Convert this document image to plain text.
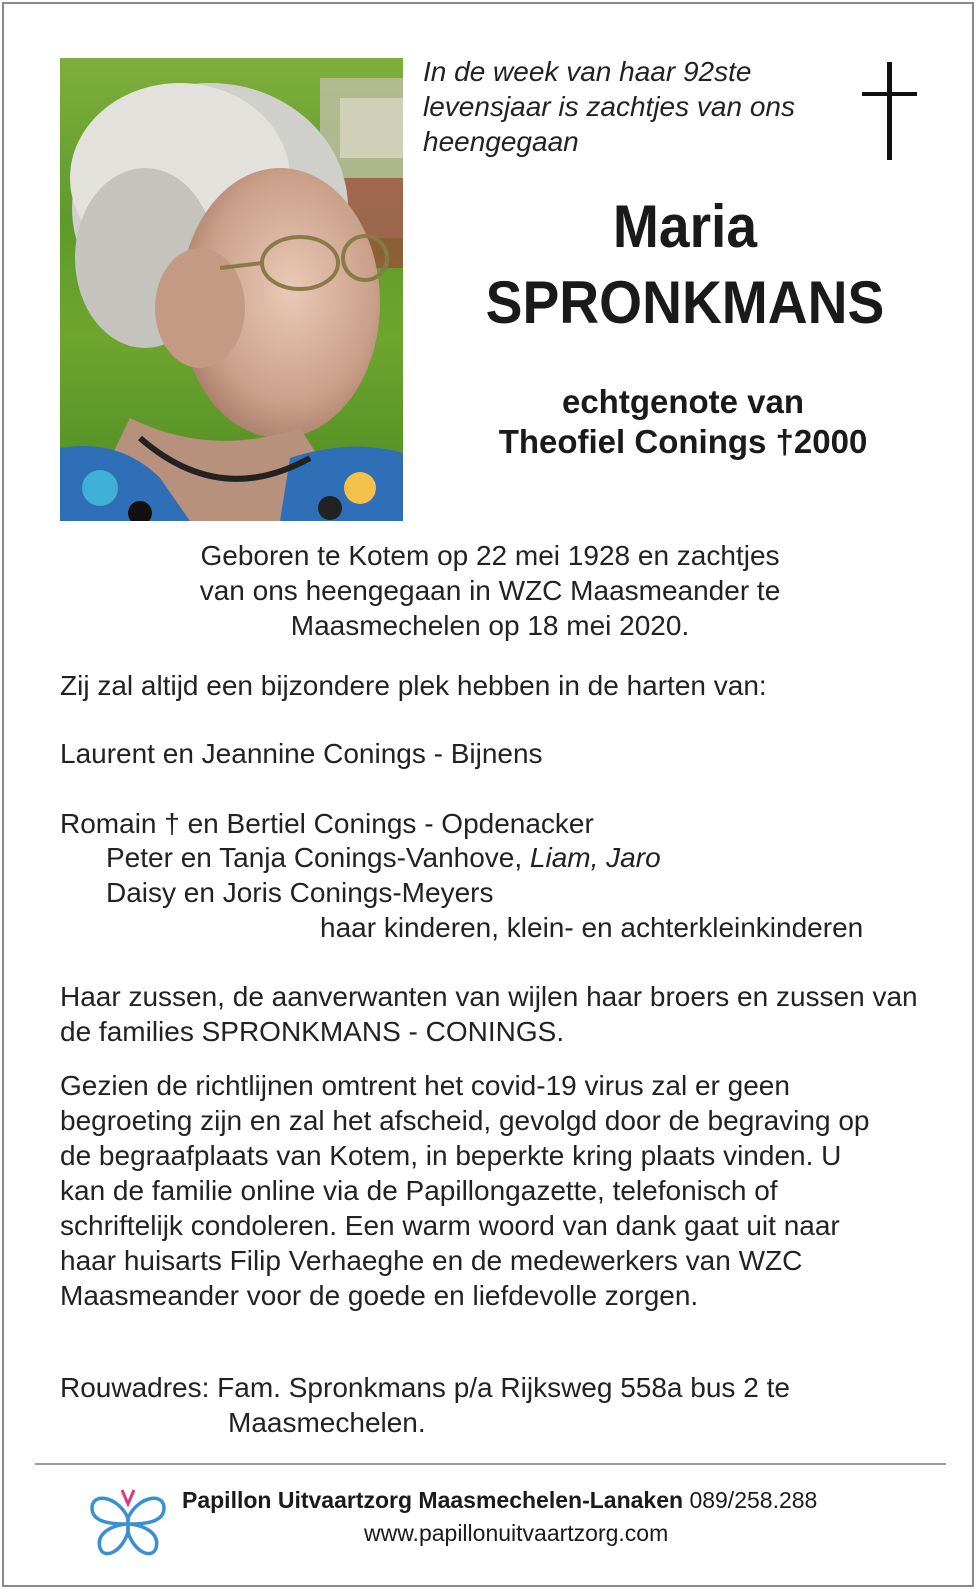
In de week van haar 92ste
levensjaar is zachtjes van ons
heengegaan
Maria
SPRONKMANS
echtgenote van
Theofiel Conings †2000
Geboren te Kotem op 22 mei 1928 en zachtjes
van ons heengegaan in WZC Maasmeander te
Maasmechelen op 18 mei 2020.
Zij zal altijd een bijzondere plek hebben in de harten van:
Laurent en Jeannine Conings - Bijnens
Romain † en Bertiel Conings - Opdenacker
Peter en Tanja Conings-Vanhove, Liam, Jaro
Daisy en Joris Conings-Meyers
haar kinderen, klein- en achterkleinkinderen
Haar zussen, de aanverwanten van wijlen haar broers en zussen van de families SPRONKMANS - CONINGS.
Gezien de richtlijnen omtrent het covid-19 virus zal er geen begroeting zijn en zal het afscheid, gevolgd door de begraving op de begraafplaats van Kotem, in beperkte kring plaats vinden. U kan de familie online via de Papillongazette, telefonisch of schriftelijk condoleren. Een warm woord van dank gaat uit naar haar huisarts Filip Verhaeghe en de medewerkers van WZC Maasmeander voor de goede en liefdevolle zorgen.
Rouwadres: Fam. Spronkmans p/a Rijksweg 558a bus 2 te
Maasmechelen.
Papillon Uitvaartzorg Maasmechelen-Lanaken 089/258.288
www.papillonuitvaartzorg.com
